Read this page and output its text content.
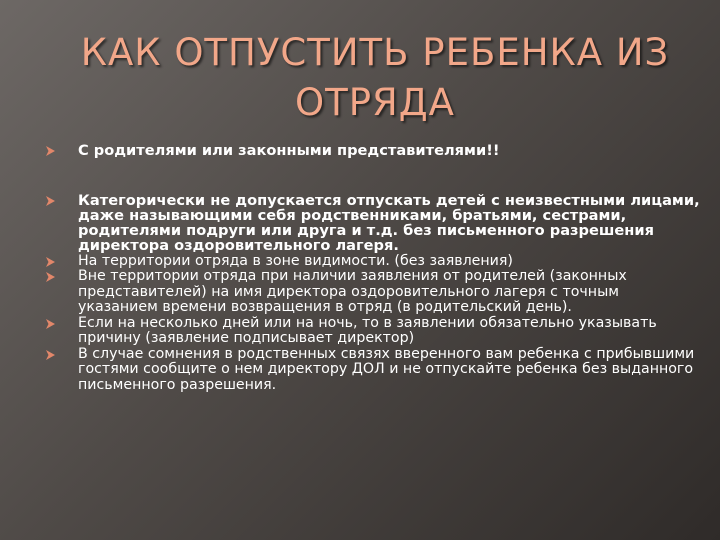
КАК ОТПУСТИТЬ РЕБЕНКА ИЗ ОТРЯДА
С родителями или законными представителями!!
Категорически не допускается отпускать детей с неизвестными лицами, даже называющими себя родственниками, братьями, сестрами, родителями подруги или друга и т.д. без письменного разрешения директора оздоровительного лагеря.
На территории отряда в зоне видимости. (без заявления)
Вне территории отряда при наличии заявления от родителей (законных представителей) на имя директора оздоровительного лагеря с точным указанием времени возвращения в отряд (в родительский день).
Если на несколько дней или на ночь, то в заявлении обязательно указывать причину (заявление подписывает директор)
В случае сомнения в родственных связях вверенного вам ребенка с прибывшими гостями сообщите о нем директору ДОЛ и не отпускайте ребенка без выданного письменного разрешения.
